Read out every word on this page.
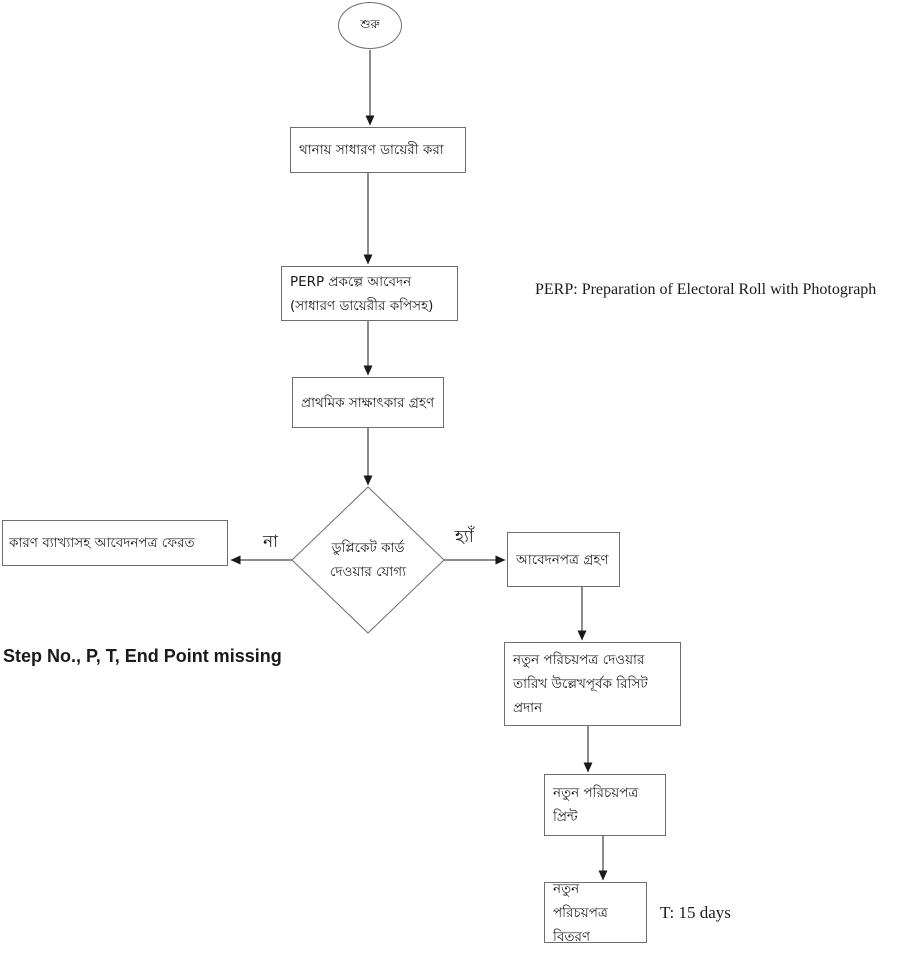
শুরু
থানায় সাধারণ ডায়েরী করা
PERP প্রকল্পে আবেদন (সাধারণ ডায়েরীর কপিসহ)
প্রাথমিক সাক্ষাৎকার গ্রহণ
ডুপ্লিকেট কার্ড
দেওয়ার যোগ্য
না	হ্যাঁ
কারণ ব্যাখ্যাসহ আবেদনপত্র ফেরত
আবেদনপত্র গ্রহণ
নতুন পরিচয়পত্র দেওয়ার তারিখ উল্লেখপূর্বক রিসিট প্রদান
নতুন পরিচয়পত্র প্রিন্ট
নতুন পরিচয়পত্র বিতরণ
PERP: Preparation of Electoral Roll with Photograph
Step No., P, T, End Point missing
T: 15 days
